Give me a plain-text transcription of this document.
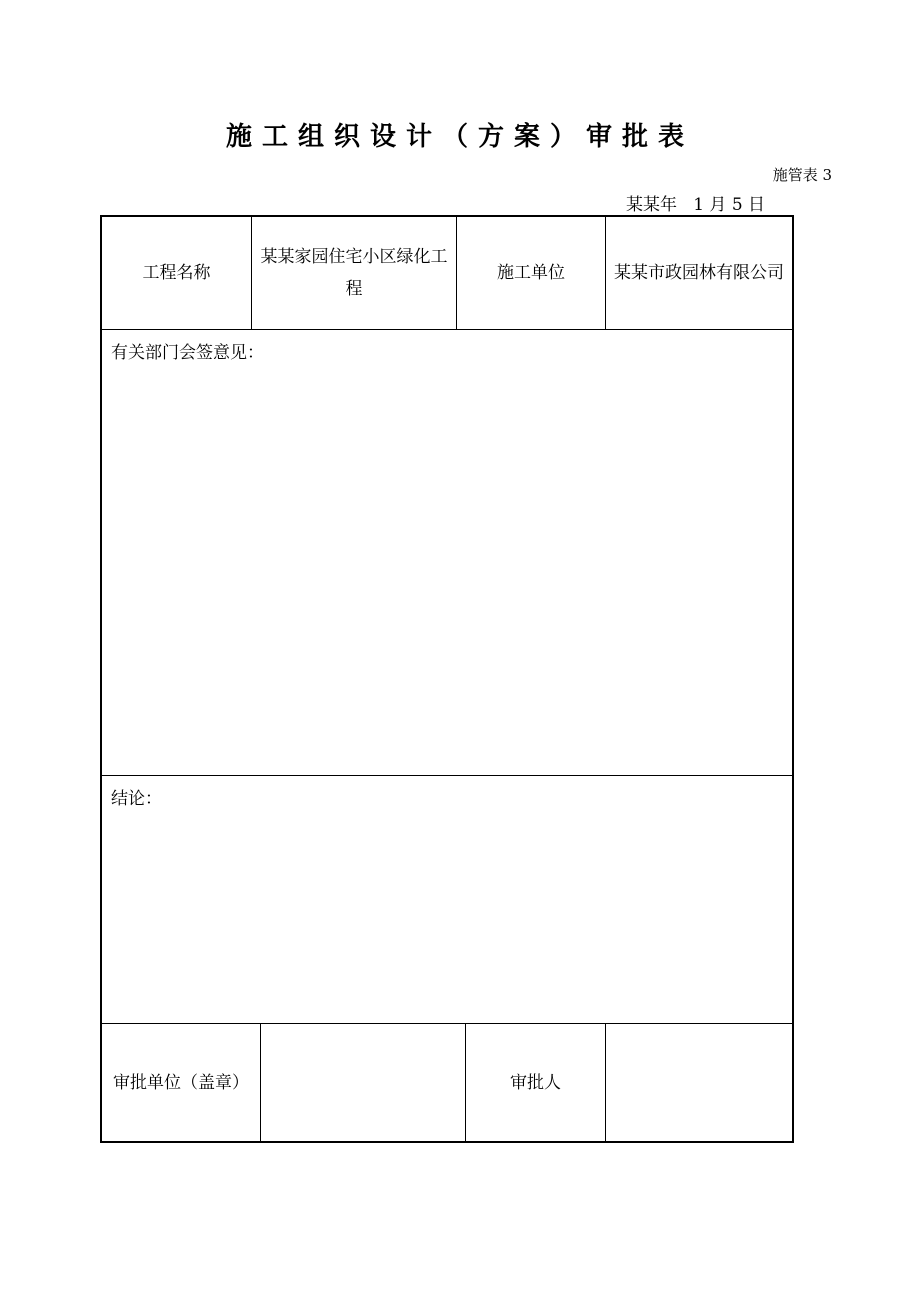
施工组织设计（方案）审批表
施管表 3
某某年   1 月 5 日
工程名称
某某家园住宅小区绿化工程
施工单位	某某市政园林有限公司
有关部门会签意见：
结论：
审批单位（盖章）	审批人
